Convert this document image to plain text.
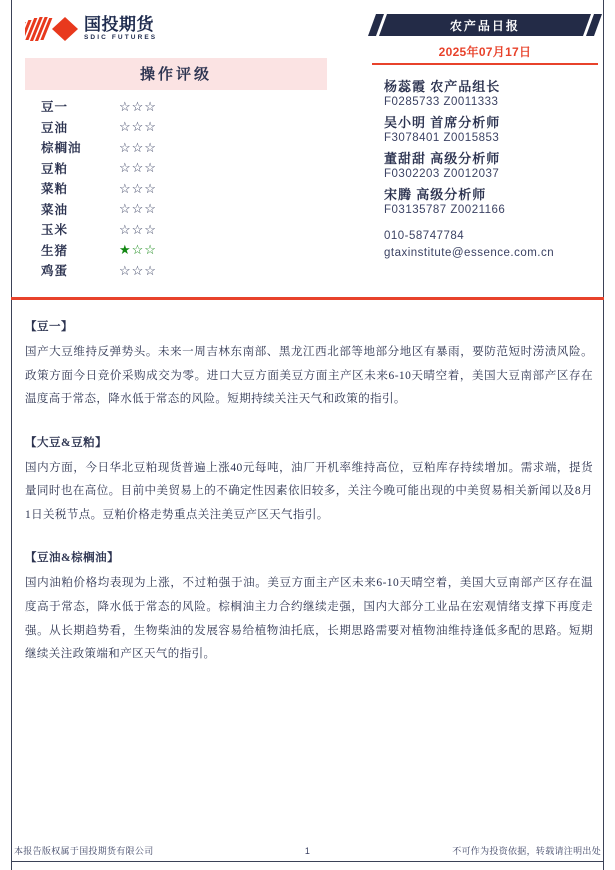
国投期货
SDIC FUTURES
操作评级
豆一	☆☆☆
豆油	☆☆☆
棕榈油	☆☆☆
豆粕	☆☆☆
菜粕	☆☆☆
菜油	☆☆☆
玉米	☆☆☆
生猪	★☆☆
鸡蛋	☆☆☆
农产品日报
2025年07月17日
杨蕊霞 农产品组长
F0285733 Z0011333
吴小明 首席分析师
F3078401 Z0015853
董甜甜 高级分析师
F0302203 Z0012037
宋腾 高级分析师
F03135787 Z0021166
010-58747784
gtaxinstitute@essence.com.cn
【豆一】
国产大豆维持反弹势头。未来一周吉林东南部、黑龙江西北部等地部分地区有暴雨，要防范短时涝渍风险。政策方面今日竞价采购成交为零。进口大豆方面美豆方面主产区未来6-10天晴空着，美国大豆南部产区存在温度高于常态，降水低于常态的风险。短期持续关注天气和政策的指引。
【大豆&豆粕】
国内方面，今日华北豆粕现货普遍上涨40元每吨，油厂开机率维持高位，豆粕库存持续增加。需求端，提货量同时也在高位。目前中美贸易上的不确定性因素依旧较多，关注今晚可能出现的中美贸易相关新闻以及8月1日关税节点。豆粕价格走势重点关注美豆产区天气指引。
【豆油&棕榈油】
国内油粕价格均表现为上涨，不过粕强于油。美豆方面主产区未来6-10天晴空着，美国大豆南部产区存在温度高于常态，降水低于常态的风险。棕榈油主力合约继续走强，国内大部分工业品在宏观情绪支撑下再度走强。从长期趋势看，生物柴油的发展容易给植物油托底，长期思路需要对植物油维持逢低多配的思路。短期继续关注政策端和产区天气的指引。
本报告版权属于国投期货有限公司	1	不可作为投资依据，转载请注明出处
